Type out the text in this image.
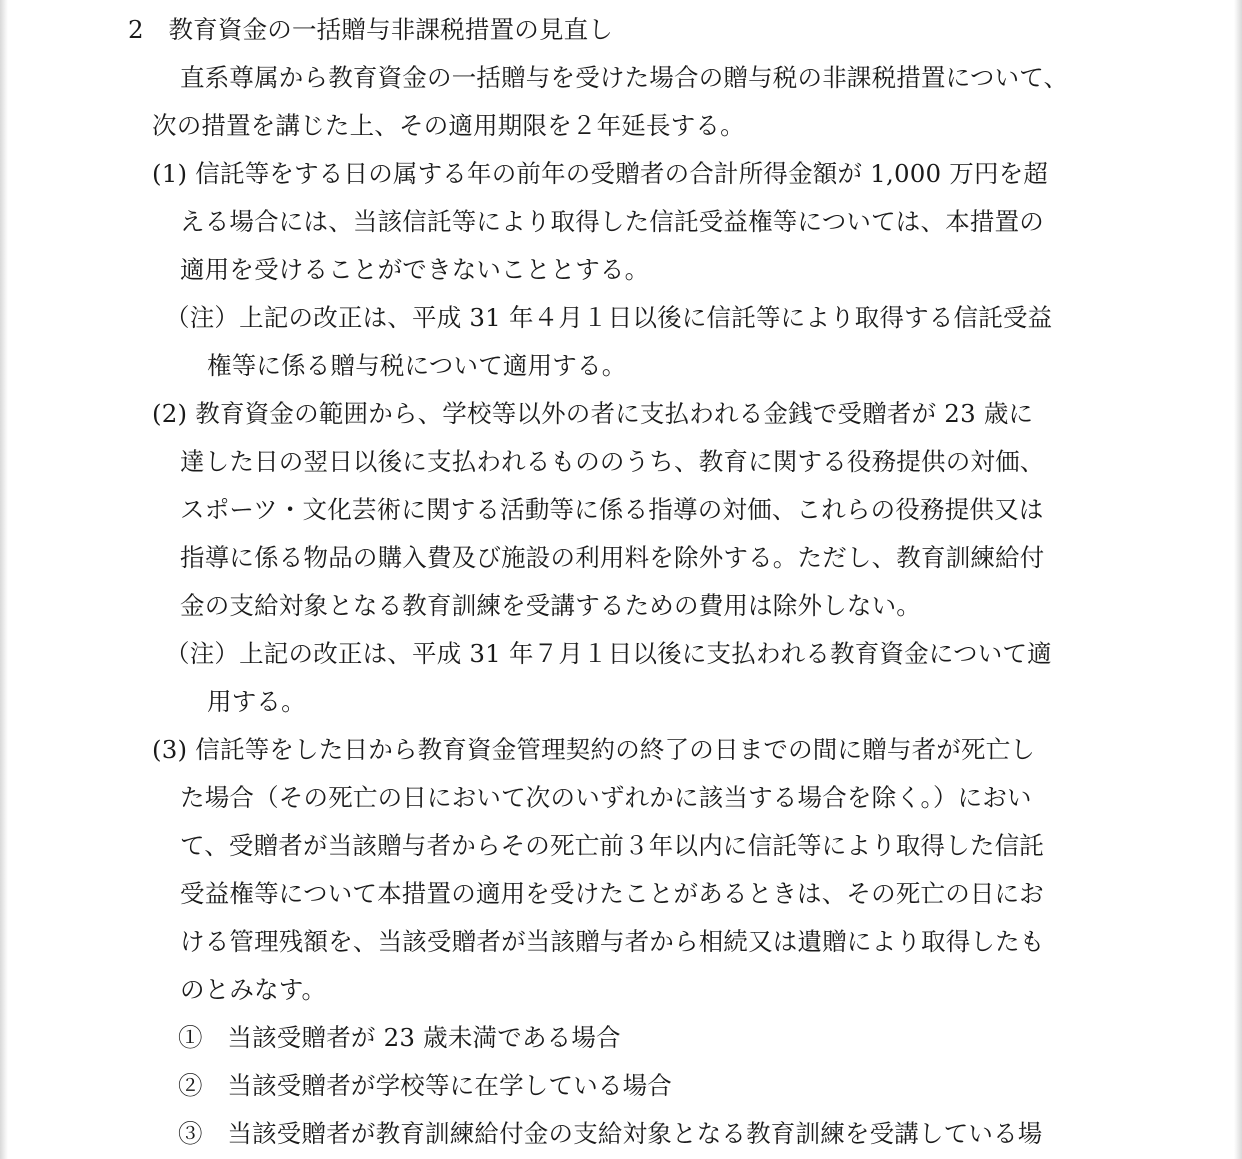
2　教育資金の一括贈与非課税措置の見直し
直系尊属から教育資金の一括贈与を受けた場合の贈与税の非課税措置について、
次の措置を講じた上、その適用期限を２年延長する。
(1) 信託等をする日の属する年の前年の受贈者の合計所得金額が 1,000 万円を超
える場合には、当該信託等により取得した信託受益権等については、本措置の
適用を受けることができないこととする。
（注）上記の改正は、平成 31 年４月１日以後に信託等により取得する信託受益
権等に係る贈与税について適用する。
(2) 教育資金の範囲から、学校等以外の者に支払われる金銭で受贈者が 23 歳に
達した日の翌日以後に支払われるもののうち、教育に関する役務提供の対価、
スポーツ・文化芸術に関する活動等に係る指導の対価、これらの役務提供又は
指導に係る物品の購入費及び施設の利用料を除外する。ただし、教育訓練給付
金の支給対象となる教育訓練を受講するための費用は除外しない。
（注）上記の改正は、平成 31 年７月１日以後に支払われる教育資金について適
用する。
(3) 信託等をした日から教育資金管理契約の終了の日までの間に贈与者が死亡し
た場合（その死亡の日において次のいずれかに該当する場合を除く。）におい
て、受贈者が当該贈与者からその死亡前３年以内に信託等により取得した信託
受益権等について本措置の適用を受けたことがあるときは、その死亡の日にお
ける管理残額を、当該受贈者が当該贈与者から相続又は遺贈により取得したも
のとみなす。
①　当該受贈者が 23 歳未満である場合
②　当該受贈者が学校等に在学している場合
③　当該受贈者が教育訓練給付金の支給対象となる教育訓練を受講している場
